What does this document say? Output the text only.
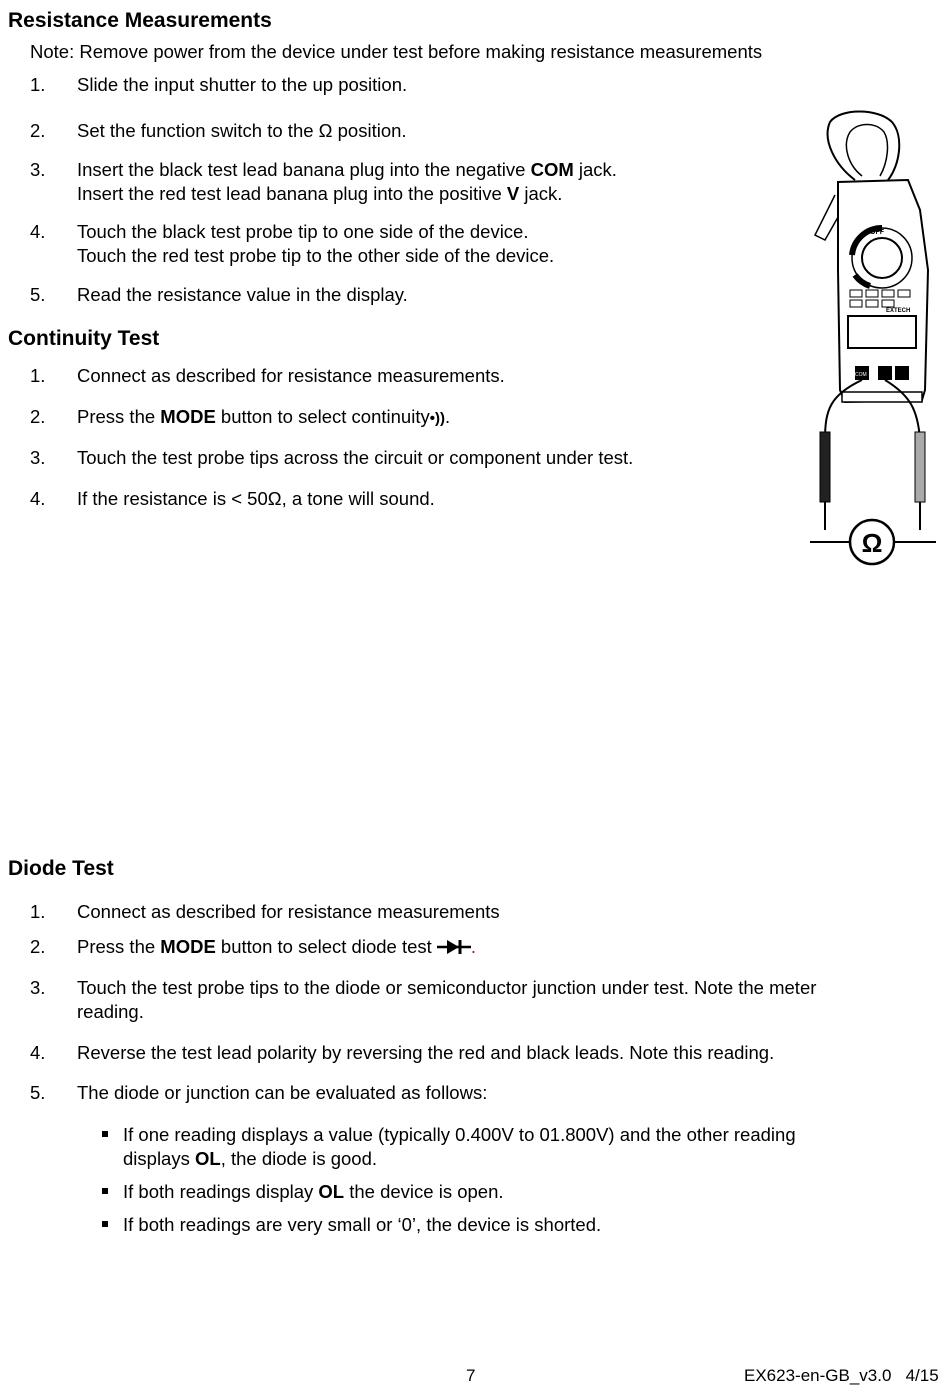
Resistance Measurements
Note: Remove power from the device under test before making resistance measurements
1. Slide the input shutter to the up position.
2. Set the function switch to the Ω position.
3. Insert the black test lead banana plug into the negative COM jack.
Insert the red test lead banana plug into the positive V jack.
4. Touch the black test probe tip to one side of the device.
Touch the red test probe tip to the other side of the device.
5. Read the resistance value in the display.
Continuity Test
1. Connect as described for resistance measurements.
2. Press the MODE button to select continuity•)).
3. Touch the test probe tips across the circuit or component under test.
4. If the resistance is < 50Ω, a tone will sound.
OFF
EXTECH
COM
Ω
Diode Test
1. Connect as described for resistance measurements
2. Press the MODE button to select diode test .
3. Touch the test probe tips to the diode or semiconductor junction under test. Note the meter
reading.
4. Reverse the test lead polarity by reversing the red and black leads. Note this reading.
5. The diode or junction can be evaluated as follows:
If one reading displays a value (typically 0.400V to 01.800V) and the other reading
displays OL, the diode is good.
If both readings display OL the device is open.
If both readings are very small or ‘0’, the device is shorted.
7	EX623-en-GB_v3.0   4/15
